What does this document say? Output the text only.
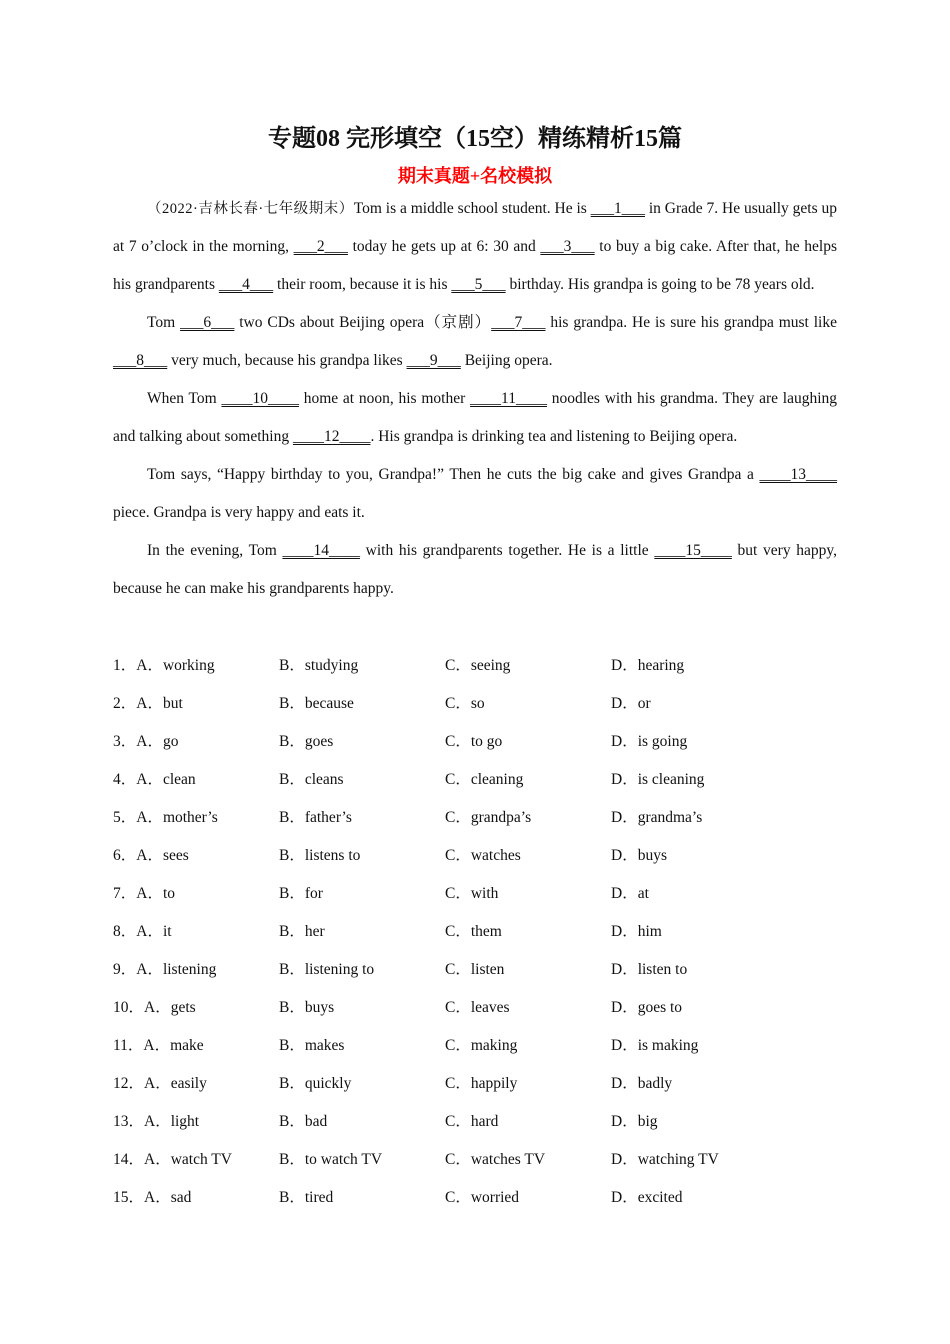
专题08 完形填空（15空）精练精析15篇
期末真题+名校模拟

（2022·吉林长春·七年级期末）Tom is a middle school student. He is ___1___ in Grade 7. He usually gets up at 7 o’clock in the morning, ___2___ today he gets up at 6: 30 and ___3___ to buy a big cake. After that, he helps his grandparents ___4___ their room, because it is his ___5___ birthday. His grandpa is going to be 78 years old.

Tom ___6___ two CDs about Beijing opera（京剧）___7___ his grandpa. He is sure his grandpa must like ___8___ very much, because his grandpa likes ___9___ Beijing opera.

When Tom ____10____ home at noon, his mother ____11____ noodles with his grandma. They are laughing and talking about something ____12____. His grandpa is drinking tea and listening to Beijing opera.

Tom says, “Happy birthday to you, Grandpa!” Then he cuts the big cake and gives Grandpa a ____13____ piece. Grandpa is very happy and eats it.

In the evening, Tom ____14____ with his grandparents together. He is a little ____15____ but very happy, because he can make his grandparents happy.

1．A．working	B．studying	C．seeing	D．hearing
2．A．but	B．because	C．so	D．or
3．A．go	B．goes	C．to go	D．is going
4．A．clean	B．cleans	C．cleaning	D．is cleaning
5．A．mother’s	B．father’s	C．grandpa’s	D．grandma’s
6．A．sees	B．listens to	C．watches	D．buys
7．A．to	B．for	C．with	D．at
8．A．it	B．her	C．them	D．him
9．A．listening	B．listening to	C．listen	D．listen to
10．A．gets	B．buys	C．leaves	D．goes to
11．A．make	B．makes	C．making	D．is making
12．A．easily	B．quickly	C．happily	D．badly
13．A．light	B．bad	C．hard	D．big
14．A．watch TV	B．to watch TV	C．watches TV	D．watching TV
15．A．sad	B．tired	C．worried	D．excited
